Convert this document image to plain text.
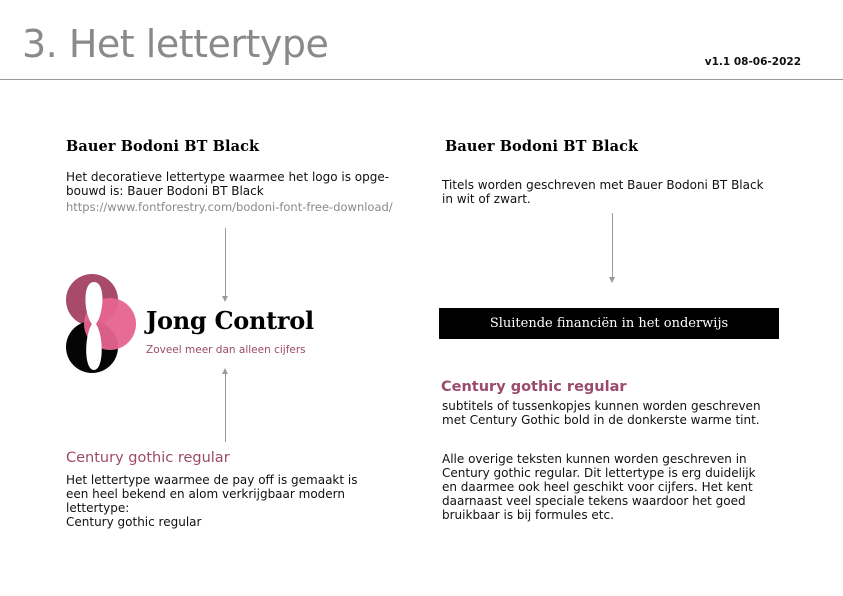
3. Het lettertype	v1.1 08-06-2022
Bauer Bodoni BT Black
Het decoratieve lettertype waarmee het logo is opge-
bouwd is: Bauer Bodoni BT Black
https://www.fontforestry.com/bodoni-font-free-download/
Jong Control
Zoveel meer dan alleen cijfers
Century gothic regular
Het lettertype waarmee de pay off is gemaakt is
een heel bekend en alom verkrijgbaar modern
lettertype:
Century gothic regular
Bauer Bodoni BT Black
Titels worden geschreven met Bauer Bodoni BT Black
in wit of zwart.
Sluitende financiën in het onderwijs
Century gothic regular
subtitels of tussenkopjes kunnen worden geschreven
met Century Gothic bold in de donkerste warme tint.
Alle overige teksten kunnen worden geschreven in
Century gothic regular. Dit lettertype is erg duidelijk
en daarmee ook heel geschikt voor cijfers. Het kent
daarnaast veel speciale tekens waardoor het goed
bruikbaar is bij formules etc.
